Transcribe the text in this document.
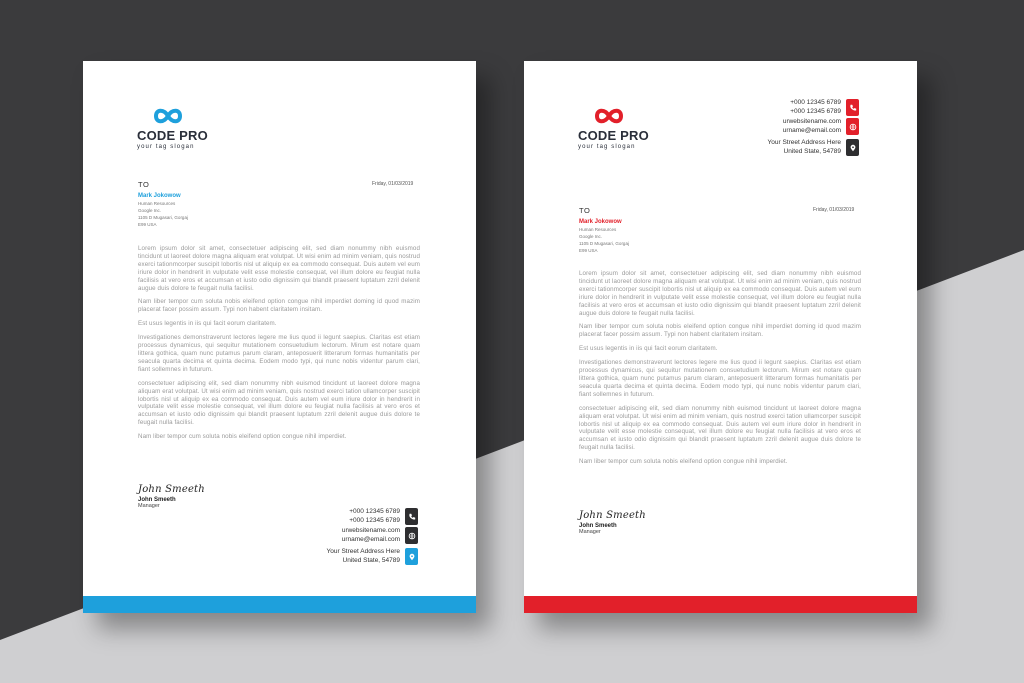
CODE PRO
your tag slogan
Friday, 01/03/2019
TO
Mark Jokowow
Human Resources
Google Inc.
1105 D Mugasari, Gorgaj
E99 USA

Lorem ipsum dolor sit amet, consectetuer adipiscing elit, sed diam nonummy nibh euismod tincidunt ut laoreet dolore magna aliquam erat volutpat. Ut wisi enim ad minim veniam, quis nostrud exerci tationmcorper suscipit lobortis nisl ut aliquip ex ea commodo consequat. Duis autem vel eum iriure dolor in hendrerit in vulputate velit esse molestie consequat, vel illum dolore eu feugiat nulla facilisis at vero eros et accumsan et iusto odio dignissim qui blandit praesent luptatum zzril delenit augue duis dolore te feugait nulla facilisi.

Nam liber tempor cum soluta nobis eleifend option congue nihil imperdiet doming id quod mazim placerat facer possim assum. Typi non habent claritatem insitam.

Est usus legentis in iis qui facit eorum claritatem.

Investigationes demonstraverunt lectores legere me lius quod ii legunt saepius. Claritas est etiam processus dynamicus, qui sequitur mutationem consuetudium lectorum. Mirum est notare quam littera gothica, quam nunc putamus parum claram, anteposuerit litterarum formas humanitatis per seacula quarta decima et quinta decima. Eodem modo typi, qui nunc nobis videntur parum clari, fiant sollemnes in futurum.

consectetuer adipiscing elit, sed diam nonummy nibh euismod tincidunt ut laoreet dolore magna aliquam erat volutpat. Ut wisi enim ad minim veniam, quis nostrud exerci tation ullamcorper suscipit lobortis nisl ut aliquip ex ea commodo consequat. Duis autem vel eum iriure dolor in hendrerit in vulputate velit esse molestie consequat, vel illum dolore eu feugiat nulla facilisis at vero eros et accumsan et iusto odio dignissim qui blandit praesent luptatum zzril delenit augue duis dolore te feugait nulla facilisi.

Nam liber tempor cum soluta nobis eleifend option congue nihil imperdiet.

John Smeeth
John Smeeth
Manager
+000 12345 6789
+000 12345 6789
urwebsitename.com
urname@email.com
Your Street Address Here
United State, 54789
CODE PRO
your tag slogan
+000 12345 6789
+000 12345 6789
urwebsitename.com
urname@email.com
Your Street Address Here
United State, 54789
Friday, 01/03/2019
TO
Mark Jokowow
Human Resources
Google Inc.
1105 D Mugasari, Gorgaj
E99 USA

Lorem ipsum dolor sit amet, consectetuer adipiscing elit, sed diam nonummy nibh euismod tincidunt ut laoreet dolore magna aliquam erat volutpat. Ut wisi enim ad minim veniam, quis nostrud exerci tationmcorper suscipit lobortis nisl ut aliquip ex ea commodo consequat. Duis autem vel eum iriure dolor in hendrerit in vulputate velit esse molestie consequat, vel illum dolore eu feugiat nulla facilisis at vero eros et accumsan et iusto odio dignissim qui blandit praesent luptatum zzril delenit augue duis dolore te feugait nulla facilisi.

Nam liber tempor cum soluta nobis eleifend option congue nihil imperdiet doming id quod mazim placerat facer possim assum. Typi non habent claritatem insitam.

Est usus legentis in iis qui facit eorum claritatem.

Investigationes demonstraverunt lectores legere me lius quod ii legunt saepius. Claritas est etiam processus dynamicus, qui sequitur mutationem consuetudium lectorum. Mirum est notare quam littera gothica, quam nunc putamus parum claram, anteposuerit litterarum formas humanitatis per seacula quarta decima et quinta decima. Eodem modo typi, qui nunc nobis videntur parum clari, fiant sollemnes in futurum.

consectetuer adipiscing elit, sed diam nonummy nibh euismod tincidunt ut laoreet dolore magna aliquam erat volutpat. Ut wisi enim ad minim veniam, quis nostrud exerci tation ullamcorper suscipit lobortis nisl ut aliquip ex ea commodo consequat. Duis autem vel eum iriure dolor in hendrerit in vulputate velit esse molestie consequat, vel illum dolore eu feugiat nulla facilisis at vero eros et accumsan et iusto odio dignissim qui blandit praesent luptatum zzril delenit augue duis dolore te feugait nulla facilisi.

Nam liber tempor cum soluta nobis eleifend option congue nihil imperdiet.

John Smeeth
John Smeeth
Manager
